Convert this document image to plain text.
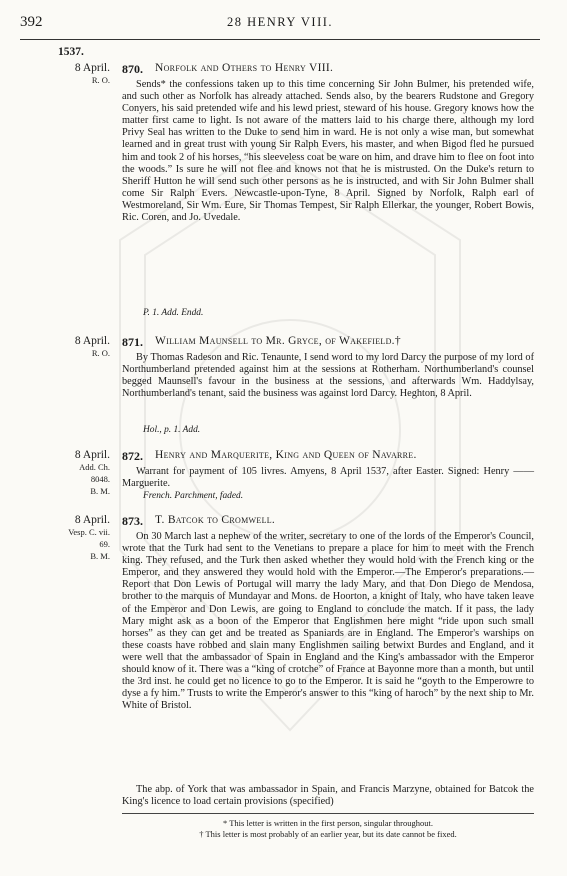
392	28 HENRY VIII.
1537.
8 April.
R. O.
870. Norfolk and Others to Henry VIII.
Sends* the confessions taken up to this time concerning Sir John Bulmer, his pretended wife, and such other as Norfolk has already attached. Sends also, by the bearers Rudstone and Gregory Conyers, his said pretended wife and his lewd priest, steward of his house. Gregory knows how the matter first came to light. Is not aware of the matters laid to his charge there, although my lord Privy Seal has written to the Duke to send him in ward. He is not only a wise man, but somewhat learned and in great trust with young Sir Ralph Evers, his master, and when Bigod fled he pursued him and took 2 of his horses, “his sleeveless coat be ware on him, and drave him to flee on foot into the woods.” Is sure he will not flee and knows not that he is mistrusted. On the Duke's return to Sheriff Hutton he will send such other persons as he is instructed, and with Sir John Bulmer shall come Sir Ralph Evers. Newcastle-upon-Tyne, 8 April. Signed by Norfolk, Ralph earl of Westmoreland, Sir Wm. Eure, Sir Thomas Tempest, Sir Ralph Ellerkar, the younger, Robert Bowis, Ric. Coren, and Jo. Uvedale.
P. 1. Add. Endd.
8 April.
R. O.
871. William Maunsell to Mr. Gryce, of Wakefield.†
By Thomas Radeson and Ric. Tenaunte, I send word to my lord Darcy the purpose of my lord of Northumberland pretended against him at the sessions at Rotherham. Northumberland's counsel begged Maunsell's favour in the business at the sessions, and afterwards Wm. Haddylsay, Northumberland's tenant, said the business was against lord Darcy. Heghton, 8 April.
Hol., p. 1. Add.
8 April.
Add. Ch.
8048.
B. M.
872. Henry and Marquerite, King and Queen of Navarre.
Warrant for payment of 105 livres. Amyens, 8 April 1537, after Easter. Signed: Henry —— Marguerite.
French. Parchment, faded.
8 April.
Vesp. C. vii.
69.
B. M.
873. T. Batcok to Cromwell.
On 30 March last a nephew of the writer, secretary to one of the lords of the Emperor's Council, wrote that the Turk had sent to the Venetians to prepare a place for him to meet with the French king. They refused, and the Turk then asked whether they would hold with the French king or the Emperor, and they answered they would hold with the Emperor.—The Emperor's preparations.—Report that Don Lewis of Portugal will marry the lady Mary, and that Don Diego de Mendosa, brother to the marquis of Mundayar and Mons. de Hoorton, a knight of Italy, who have taken leave of the Emperor and Don Lewis, are going to England to conclude the match. If it pass, the lady Mary might ask as a boon of the Emperor that Englishmen here might “ride upon such small horses” as they can get and be treated as Spaniards are in England. The Emperor's warships on these coasts have robbed and slain many Englishmen sailing betwixt Burdes and England, and it were well that the ambassador of Spain in England and the King's ambassador with the Emperor should know of it. There was a “king of crotche” of France at Bayonne more than a month, but until the 3rd inst. he could get no licence to go to the Emperor. It is said he “goyth to the Emperowre to dyse a fy him.” Trusts to write the Emperor's answer to this “king of haroch” by the next ship to Mr. White of Bristol.
The abp. of York that was ambassador in Spain, and Francis Marzyne, obtained for Batcok the King's licence to load certain provisions (specified)
* This letter is written in the first person, singular throughout.
† This letter is most probably of an earlier year, but its date cannot be fixed.
